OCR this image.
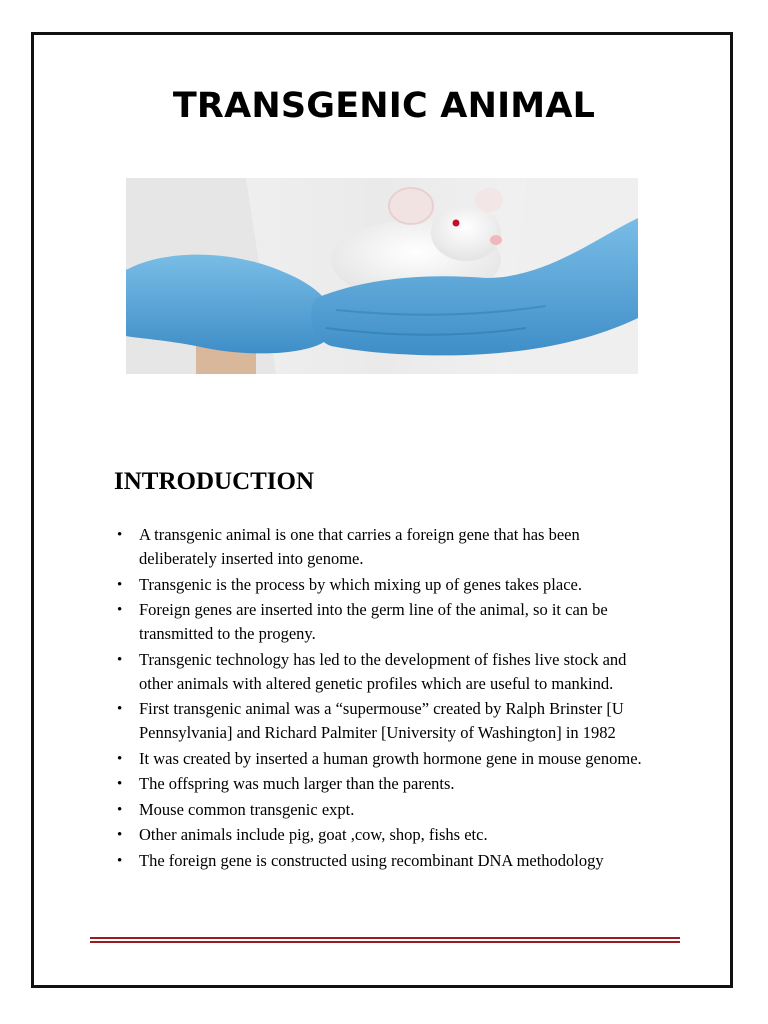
TRANSGENIC ANIMAL
INTRODUCTION
• A transgenic animal is one that carries a foreign gene that has been deliberately inserted into genome.
• Transgenic is the process by which mixing up of genes takes place.
• Foreign genes are inserted into the germ line of the animal, so it can be transmitted to the progeny.
• Transgenic technology has led to the development of fishes live stock and other animals with altered genetic profiles which are useful to mankind.
• First transgenic animal was a “supermouse” created by Ralph Brinster [U Pennsylvania] and Richard Palmiter [University of Washington] in 1982
• It was created by inserted a human growth hormone gene in mouse genome.
• The offspring was much larger than the parents.
• Mouse common transgenic expt.
• Other animals include pig, goat ,cow, shop, fishs etc.
• The foreign gene is constructed using recombinant DNA methodology
